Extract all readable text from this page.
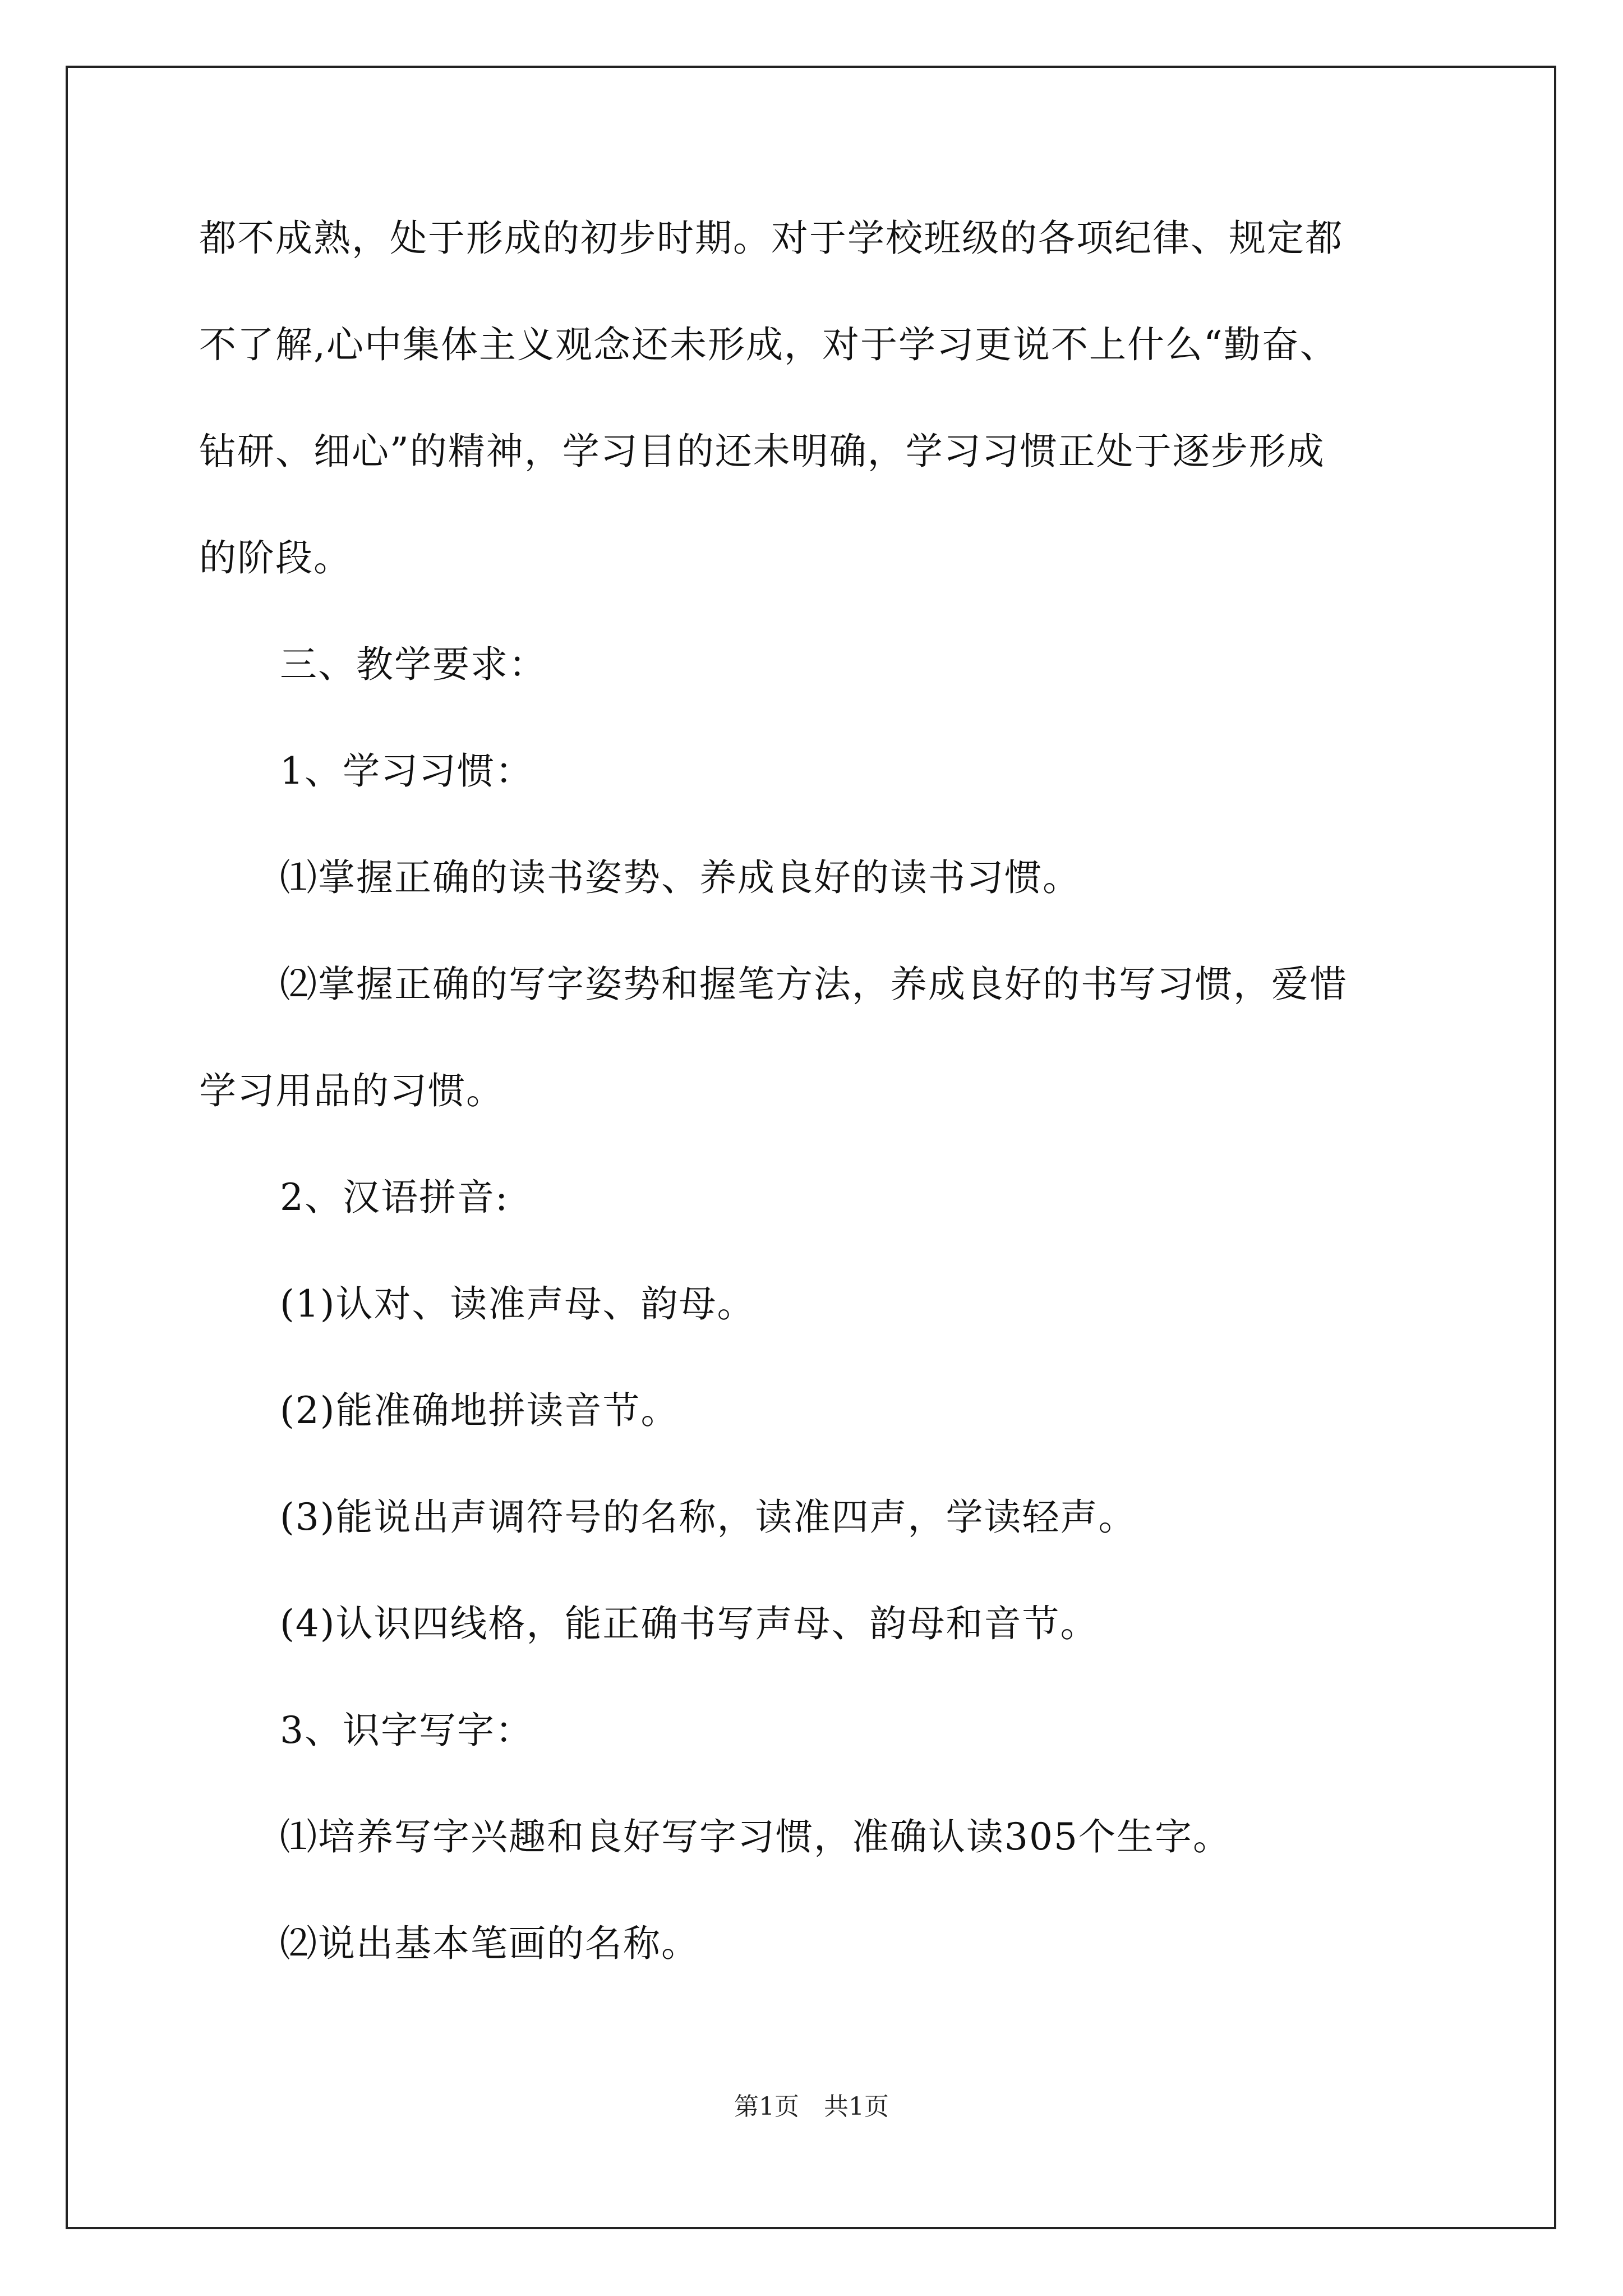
都不成熟，处于形成的初步时期。对于学校班级的各项纪律、规定都
不了解,心中集体主义观念还未形成，对于学习更说不上什么“勤奋、
钻研、细心”的精神，学习目的还未明确，学习习惯正处于逐步形成
的阶段。
三、教学要求：
1、学习习惯：
⑴掌握正确的读书姿势、养成良好的读书习惯。
⑵掌握正确的写字姿势和握笔方法，养成良好的书写习惯，爱惜
学习用品的习惯。
2、汉语拼音:
(1)认对、读准声母、韵母。
(2)能准确地拼读音节。
(3)能说出声调符号的名称，读准四声，学读轻声。
(4)认识四线格，能正确书写声母、韵母和音节。
3、识字写字：
⑴培养写字兴趣和良好写字习惯，准确认读305个生字。
⑵说出基本笔画的名称。
第1页　共1页
